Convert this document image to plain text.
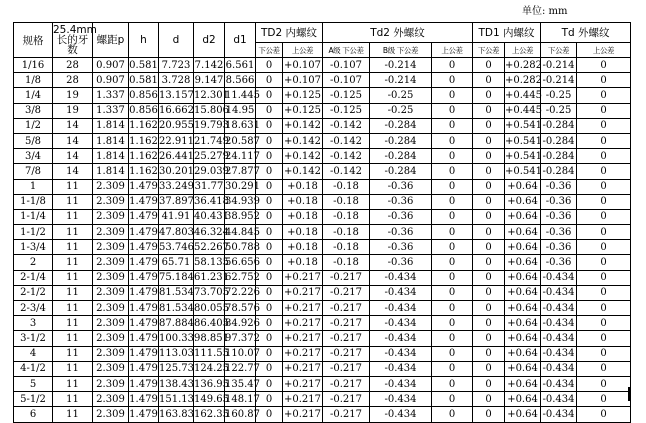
单位: mm
规格	25.4mm长的牙数	螺距p	h	d	d2	d1	TD2 内螺纹		Td2 外螺纹			TD1 内螺纹		Td 外螺纹	
							下公差	上公差	A级 下公差	B级 下公差	上公差	下公差	上公差	下公差	上公差
1/16	28	0.907	0.581	7.723	7.142	6.561	0	+0.107	-0.107	-0.214	0	0	+0.282	-0.214	0
1/8	28	0.907	0.581	3.728	9.147	8.566	0	+0.107	-0.107	-0.214	0	0	+0.282	-0.214	0
1/4	19	1.337	0.856	13.157	12.301	11.445	0	+0.125	-0.125	-0.25	0	0	+0.445	-0.25	0
3/8	19	1.337	0.856	16.662	15.806	14.95	0	+0.125	-0.125	-0.25	0	0	+0.445	-0.25	0
1/2	14	1.814	1.162	20.955	19.793	18.631	0	+0.142	-0.142	-0.284	0	0	+0.541	-0.284	0
5/8	14	1.814	1.162	22.911	21.749	20.587	0	+0.142	-0.142	-0.284	0	0	+0.541	-0.284	0
3/4	14	1.814	1.162	26.441	25.279	24.117	0	+0.142	-0.142	-0.284	0	0	+0.541	-0.284	0
7/8	14	1.814	1.162	30.201	29.039	27.877	0	+0.142	-0.142	-0.284	0	0	+0.541	-0.284	0
1	11	2.309	1.479	33.249	31.77	30.291	0	+0.18	-0.18	-0.36	0	0	+0.64	-0.36	0
1-1/8	11	2.309	1.479	37.897	36.418	34.939	0	+0.18	-0.18	-0.36	0	0	+0.64	-0.36	0
1-1/4	11	2.309	1.479	41.91	40.431	38.952	0	+0.18	-0.18	-0.36	0	0	+0.64	-0.36	0
1-1/2	11	2.309	1.479	47.803	46.324	44.845	0	+0.18	-0.18	-0.36	0	0	+0.64	-0.36	0
1-3/4	11	2.309	1.479	53.746	52.267	50.788	0	+0.18	-0.18	-0.36	0	0	+0.64	-0.36	0
2	11	2.309	1.479	65.71	58.135	56.656	0	+0.18	-0.18	-0.36	0	0	+0.64	-0.36	0
2-1/4	11	2.309	1.479	75.184	61.231	62.752	0	+0.217	-0.217	-0.434	0	0	+0.64	-0.434	0
2-1/2	11	2.309	1.479	81.534	73.705	72.226	0	+0.217	-0.217	-0.434	0	0	+0.64	-0.434	0
2-3/4	11	2.309	1.479	81.534	80.055	78.576	0	+0.217	-0.217	-0.434	0	0	+0.64	-0.434	0
3	11	2.309	1.479	87.884	86.405	84.926	0	+0.217	-0.217	-0.434	0	0	+0.64	-0.434	0
3-1/2	11	2.309	1.479	100.33	98.851	97.372	0	+0.217	-0.217	-0.434	0	0	+0.64	-0.434	0
4	11	2.309	1.479	113.03	111.55	110.07	0	+0.217	-0.217	-0.434	0	0	+0.64	-0.434	0
4-1/2	11	2.309	1.479	125.73	124.25	122.77	0	+0.217	-0.217	-0.434	0	0	+0.64	-0.434	0
5	11	2.309	1.479	138.43	136.95	135.47	0	+0.217	-0.217	-0.434	0	0	+0.64	-0.434	0
5-1/2	11	2.309	1.479	151.13	149.65	148.17	0	+0.217	-0.217	-0.434	0	0	+0.64	-0.434	0
6	11	2.309	1.479	163.83	162.35	160.87	0	+0.217	-0.217	-0.434	0	0	+0.64	-0.434	0
